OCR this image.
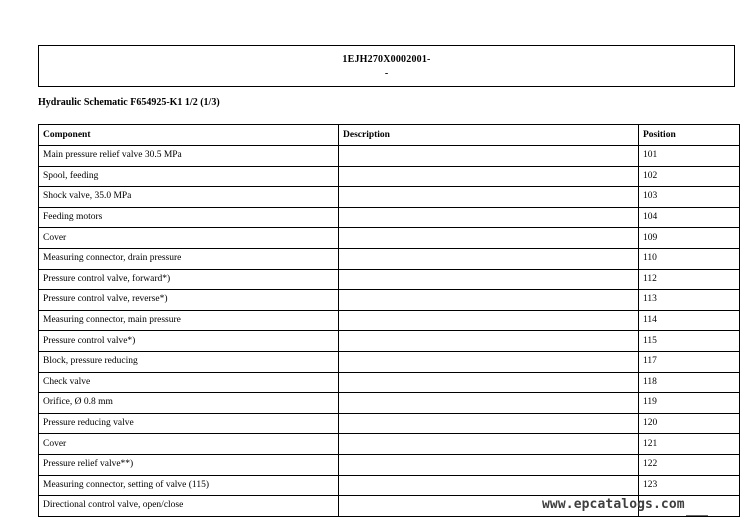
1EJH270X0002001-
-
Hydraulic Schematic F654925-K1 1/2 (1/3)
Component	Description	Position
Main pressure relief valve 30.5 MPa		101
Spool, feeding		102
Shock valve, 35.0 MPa		103
Feeding motors		104
Cover		109
Measuring connector, drain pressure		110
Pressure control valve, forward*)		112
Pressure control valve, reverse*)		113
Measuring connector, main pressure		114
Pressure control valve*)		115
Block, pressure reducing		117
Check valve		118
Orifice, Ø 0.8 mm		119
Pressure reducing valve		120
Cover		121
Pressure relief valve**)		122
Measuring connector, setting of valve (115)		123
Directional control valve, open/close			www.epcatalogs.com
